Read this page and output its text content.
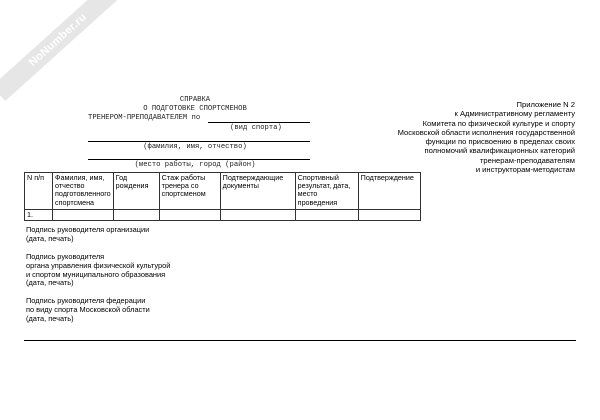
NoNumber.ru
Приложение N 2
к Административному регламенту
Комитета по физической культуре и спорту
Московской области исполнения государственной
функции по присвоению в пределах своих
полномочий квалификационных категорий
тренерам-преподавателям
и инструкторам-методистам
СПРАВКА
О ПОДГОТОВКЕ СПОРТСМЕНОВ
ТРЕНЕРОМ-ПРЕПОДАВАТЕЛЕМ по
(вид спорта)
(фамилия, имя, отчество)
(место работы, город (район)
N п/п	Фамилия, имя, отчество подготовленного спортсмена	Год рождения	Стаж работы тренера со спортсменом	Подтверждающие документы	Спортивный результат, дата, место проведения	Подтверждение
1.						
Подпись руководителя организации
(дата, печать)
Подпись руководителя
органа управления физической культурой
и спортом муниципального образования
(дата, печать)
Подпись руководителя федерации
по виду спорта Московской области
(дата, печать)
